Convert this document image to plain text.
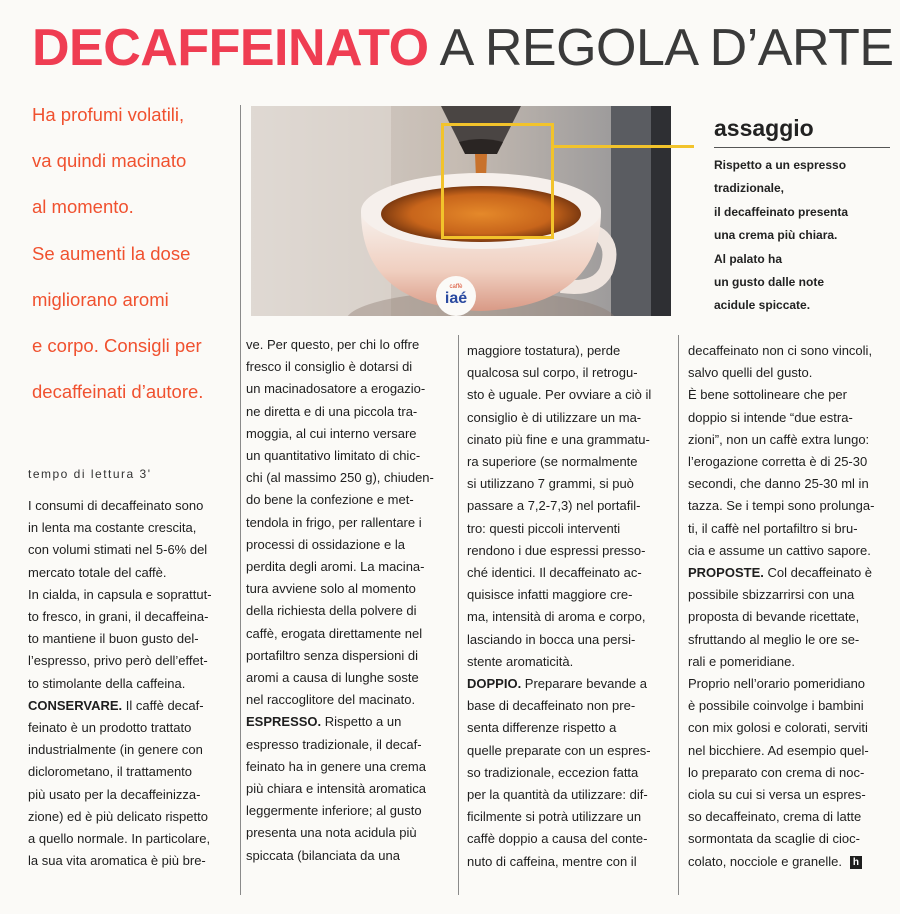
DECAFFEINATO A REGOLA D’ARTE
Ha profumi volatili,
va quindi macinato
al momento.
Se aumenti la dose
migliorano aromi
e corpo. Consigli per
decaffeinati d’autore.
caffè
iaé
assaggio
Rispetto a un espresso
tradizionale,
il decaffeinato presenta
una crema più chiara.
Al palato ha
un gusto dalle note
acidule spiccate.
tempo di lettura 3'
I consumi di decaffeinato sono
in lenta ma costante crescita,
con volumi stimati nel 5-6% del
mercato totale del caffè.
In cialda, in capsula e soprattut-
to fresco, in grani, il decaffeina-
to mantiene il buon gusto del-
l’espresso, privo però dell’effet-
to stimolante della caffeina.
CONSERVARE. Il caffè decaf-
feinato è un prodotto trattato
industrialmente (in genere con
diclorometano, il trattamento
più usato per la decaffeinizza-
zione) ed è più delicato rispetto
a quello normale. In particolare,
la sua vita aromatica è più bre-
ve. Per questo, per chi lo offre
fresco il consiglio è dotarsi di
un macinadosatore a erogazio-
ne diretta e di una piccola tra-
moggia, al cui interno versare
un quantitativo limitato di chic-
chi (al massimo 250 g), chiuden-
do bene la confezione e met-
tendola in frigo, per rallentare i
processi di ossidazione e la
perdita degli aromi. La macina-
tura avviene solo al momento
della richiesta della polvere di
caffè, erogata direttamente nel
portafiltro senza dispersioni di
aromi a causa di lunghe soste
nel raccoglitore del macinato.
ESPRESSO. Rispetto a un
espresso tradizionale, il decaf-
feinato ha in genere una crema
più chiara e intensità aromatica
leggermente inferiore; al gusto
presenta una nota acidula più
spiccata (bilanciata da una
maggiore tostatura), perde
qualcosa sul corpo, il retrogu-
sto è uguale. Per ovviare a ciò il
consiglio è di utilizzare un ma-
cinato più fine e una grammatu-
ra superiore (se normalmente
si utilizzano 7 grammi, si può
passare a 7,2-7,3) nel portafil-
tro: questi piccoli interventi
rendono i due espressi presso-
ché identici. Il decaffeinato ac-
quisisce infatti maggiore cre-
ma, intensità di aroma e corpo,
lasciando in bocca una persi-
stente aromaticità.
DOPPIO. Preparare bevande a
base di decaffeinato non pre-
senta differenze rispetto a
quelle preparate con un espres-
so tradizionale, eccezion fatta
per la quantità da utilizzare: dif-
ficilmente si potrà utilizzare un
caffè doppio a causa del conte-
nuto di caffeina, mentre con il
decaffeinato non ci sono vincoli,
salvo quelli del gusto.
È bene sottolineare che per
doppio si intende “due estra-
zioni”, non un caffè extra lungo:
l’erogazione corretta è di 25-30
secondi, che danno 25-30 ml in
tazza. Se i tempi sono prolunga-
ti, il caffè nel portafiltro si bru-
cia e assume un cattivo sapore.
PROPOSTE. Col decaffeinato è
possibile sbizzarrirsi con una
proposta di bevande ricettate,
sfruttando al meglio le ore se-
rali e pomeridiane.
Proprio nell’orario pomeridiano
è possibile coinvolge i bambini
con mix golosi e colorati, serviti
nel bicchiere. Ad esempio quel-
lo preparato con crema di noc-
ciola su cui si versa un espres-
so decaffeinato, crema di latte
sormontata da scaglie di cioc-
colato, nocciole e granelle. h
